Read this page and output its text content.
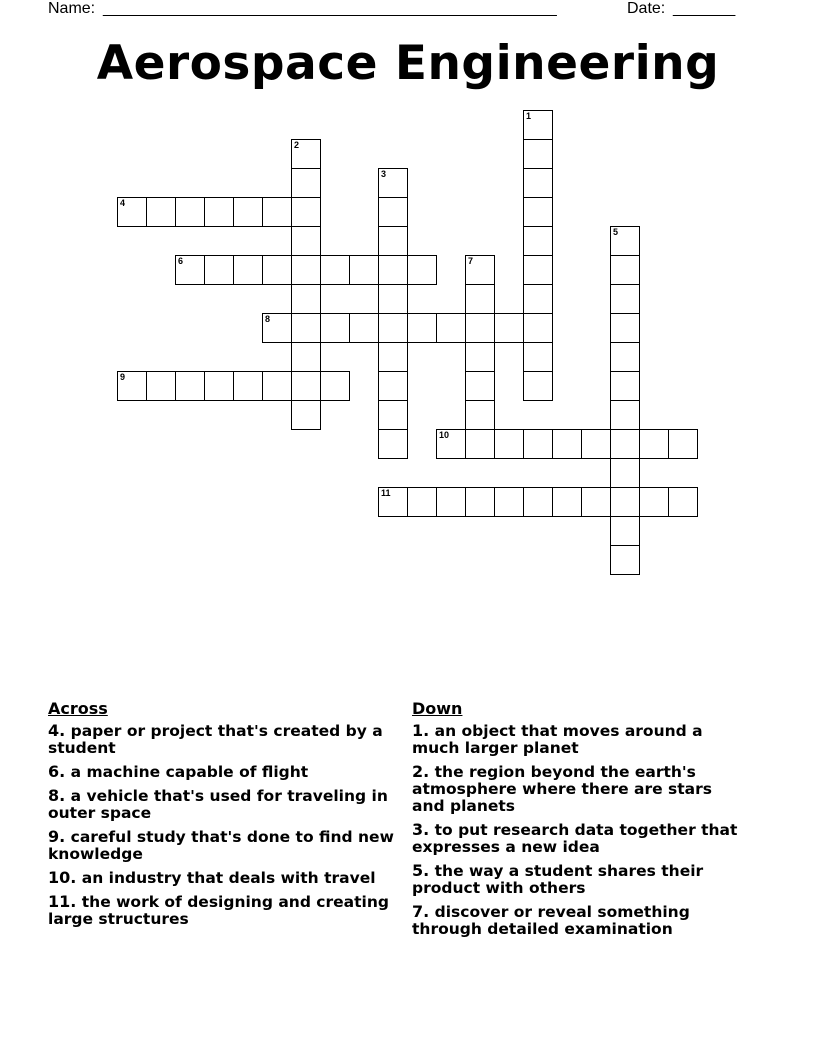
Name: ___________________________________________________	Date: _______
Aerospace Engineering
1
2
3
4
5
6	7
8
9
10
11
Across
4. paper or project that's created by a student
6. a machine capable of flight
8. a vehicle that's used for traveling in outer space
9. careful study that's done to find new knowledge
10. an industry that deals with travel
11. the work of designing and creating large structures
Down
1. an object that moves around a much larger planet
2. the region beyond the earth's atmosphere where there are stars and planets
3. to put research data together that expresses a new idea
5. the way a student shares their product with others
7. discover or reveal something through detailed examination
